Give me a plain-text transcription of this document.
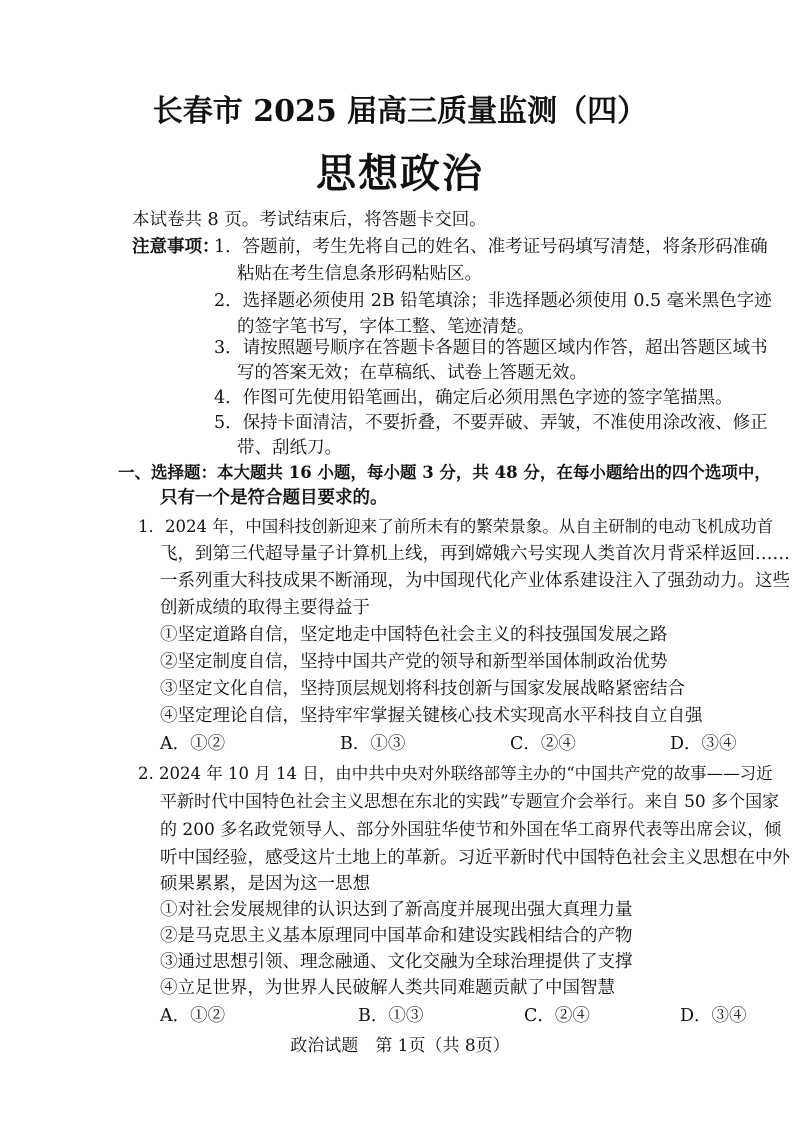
长春市 2025 届高三质量监测（四）
思想政治
本试卷共 8 页。考试结束后，将答题卡交回。
注意事项：
1．答题前，考生先将自己的姓名、准考证号码填写清楚，将条形码准确
粘贴在考生信息条形码粘贴区。
2．选择题必须使用 2B 铅笔填涂；非选择题必须使用 0.5 毫米黑色字迹
的签字笔书写，字体工整、笔迹清楚。
3．请按照题号顺序在答题卡各题目的答题区域内作答，超出答题区域书
写的答案无效；在草稿纸、试卷上答题无效。
4．作图可先使用铅笔画出，确定后必须用黑色字迹的签字笔描黑。
5．保持卡面清洁，不要折叠，不要弄破、弄皱，不准使用涂改液、修正
带、刮纸刀。
一、选择题：本大题共 16 小题，每小题 3 分，共 48 分，在每小题给出的四个选项中，
只有一个是符合题目要求的。
1．2024 年，中国科技创新迎来了前所未有的繁荣景象。从自主研制的电动飞机成功首
飞，到第三代超导量子计算机上线，再到嫦娥六号实现人类首次月背采样返回……
一系列重大科技成果不断涌现，为中国现代化产业体系建设注入了强劲动力。这些
创新成绩的取得主要得益于
①坚定道路自信，坚定地走中国特色社会主义的科技强国发展之路
②坚定制度自信，坚持中国共产党的领导和新型举国体制政治优势
③坚定文化自信，坚持顶层规划将科技创新与国家发展战略紧密结合
④坚定理论自信，坚持牢牢掌握关键核心技术实现高水平科技自立自强
A．①②	B．①③	C．②④	D．③④
2. 2024 年 10 月 14 日，由中共中央对外联络部等主办的“中国共产党的故事——习近
平新时代中国特色社会主义思想在东北的实践”专题宣介会举行。来自 50 多个国家
的 200 多名政党领导人、部分外国驻华使节和外国在华工商界代表等出席会议，倾
听中国经验，感受这片土地上的革新。习近平新时代中国特色社会主义思想在中外
硕果累累，是因为这一思想
①对社会发展规律的认识达到了新高度并展现出强大真理力量
②是马克思主义基本原理同中国革命和建设实践相结合的产物
③通过思想引领、理念融通、文化交融为全球治理提供了支撑
④立足世界，为世界人民破解人类共同难题贡献了中国智慧
A．①②	B．①③	C．②④	D．③④
政治试题　第 1页（共 8页）
